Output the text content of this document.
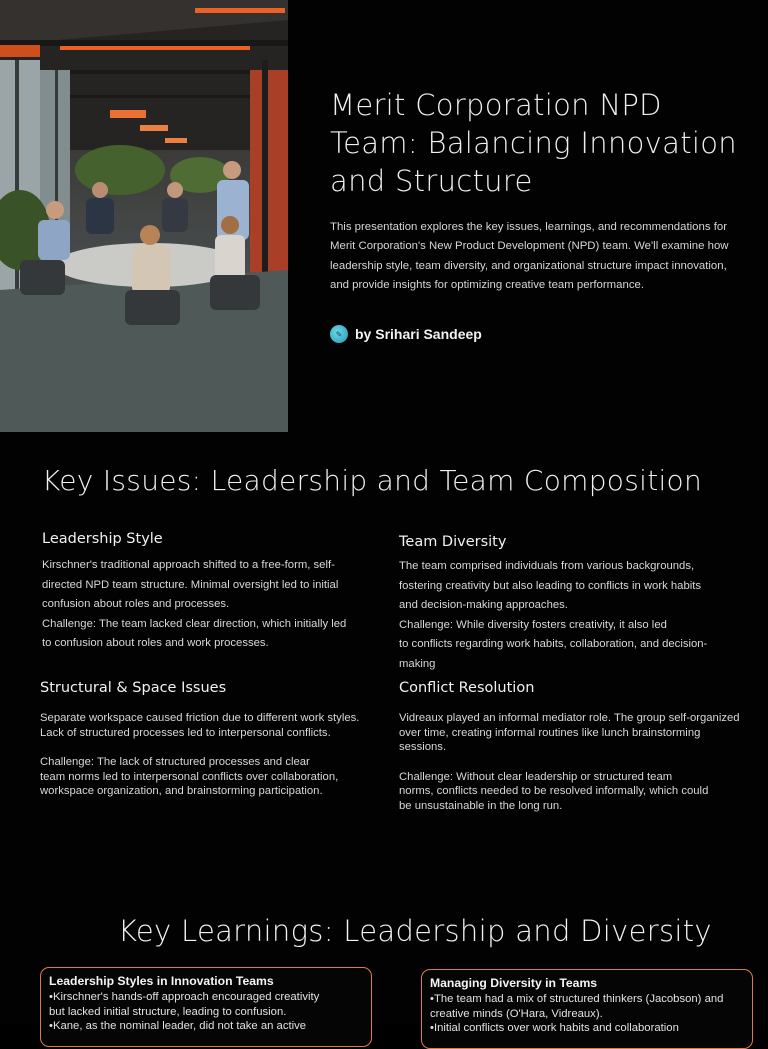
Merit Corporation NPD Team: Balancing Innovation and Structure
This presentation explores the key issues, learnings, and recommendations for Merit Corporation's New Product Development (NPD) team. We'll examine how leadership style, team diversity, and organizational structure impact innovation, and provide insights for optimizing creative team performance.
✎ by Srihari Sandeep
Key Issues: Leadership and Team Composition
Leadership Style

Kirschner's traditional approach shifted to a free-form, self-

directed NPD team structure. Minimal oversight led to initial

confusion about roles and processes.

Challenge: The team lacked clear direction, which initially led

to confusion about roles and work processes.

Team Diversity

The team comprised individuals from various backgrounds,

fostering creativity but also leading to conflicts in work habits

and decision-making approaches.

Challenge: While diversity fosters creativity, it also led

to conflicts regarding work habits, collaboration, and decision-

making

Structural & Space Issues

Separate workspace caused friction due to different work styles.

Lack of structured processes led to interpersonal conflicts.

Challenge: The lack of structured processes and clear

team norms led to interpersonal conflicts over collaboration,

workspace organization, and brainstorming participation.

Conflict Resolution

Vidreaux played an informal mediator role. The group self-organized

over time, creating informal routines like lunch brainstorming

sessions.

Challenge: Without clear leadership or structured team

norms, conflicts needed to be resolved informally, which could

be unsustainable in the long run.

Key Learnings: Leadership and Diversity
Leadership Styles in Innovation Teams

•Kirschner's hands-off approach encouraged creativity

but lacked initial structure, leading to confusion.

•Kane, as the nominal leader, did not take an active

Managing Diversity in Teams

•The team had a mix of structured thinkers (Jacobson) and

creative minds (O'Hara, Vidreaux).

•Initial conflicts over work habits and collaboration
